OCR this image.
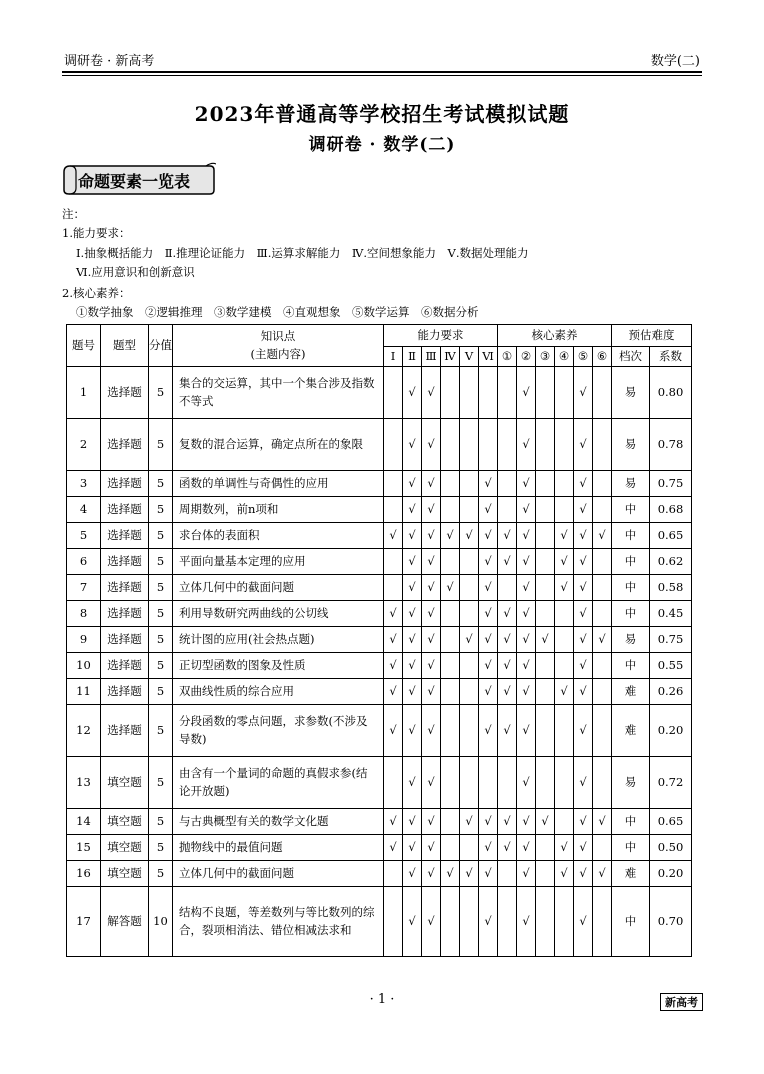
调研卷 · 新高考	数学(二)
2023年普通高等学校招生考试模拟试题
调研卷 · 数学(二)
命题要素一览表
注：
1.能力要求：
Ⅰ.抽象概括能力　Ⅱ.推理论证能力　Ⅲ.运算求解能力　Ⅳ.空间想象能力　Ⅴ.数据处理能力
Ⅵ.应用意识和创新意识
2.核心素养：
①数学抽象　②逻辑推理　③数学建模　④直观想象　⑤数学运算　⑥数据分析
题号	题型	分值	知识点
(主题内容)	能力要求						核心素养						预估难度	
				Ⅰ	Ⅱ	Ⅲ	Ⅳ	Ⅴ	Ⅵ	①	②	③	④	⑤	⑥	档次	系数
1	选择题	5	集合的交运算，其中一个集合涉及指数不等式		√	√					√			√		易	0.80
2	选择题	5	复数的混合运算，确定点所在的象限		√	√					√			√		易	0.78
3	选择题	5	函数的单调性与奇偶性的应用		√	√			√		√			√		易	0.75
4	选择题	5	周期数列，前n项和		√	√			√		√			√		中	0.68
5	选择题	5	求台体的表面积	√	√	√	√	√	√	√	√		√	√	√	中	0.65
6	选择题	5	平面向量基本定理的应用		√	√			√	√	√		√	√		中	0.62
7	选择题	5	立体几何中的截面问题		√	√	√		√		√		√	√		中	0.58
8	选择题	5	利用导数研究两曲线的公切线	√	√	√			√	√	√			√		中	0.45
9	选择题	5	统计图的应用(社会热点题)	√	√	√		√	√	√	√	√		√	√	易	0.75
10	选择题	5	正切型函数的图象及性质	√	√	√			√	√	√			√		中	0.55
11	选择题	5	双曲线性质的综合应用	√	√	√			√	√	√		√	√		难	0.26
12	选择题	5	分段函数的零点问题，求参数(不涉及导数)	√	√	√			√	√	√			√		难	0.20
13	填空题	5	由含有一个量词的命题的真假求参(结论开放题)		√	√					√			√		易	0.72
14	填空题	5	与古典概型有关的数学文化题	√	√	√		√	√	√	√	√		√	√	中	0.65
15	填空题	5	抛物线中的最值问题	√	√	√			√	√	√		√	√		中	0.50
16	填空题	5	立体几何中的截面问题		√	√	√	√	√		√		√	√	√	难	0.20
17	解答题	10	结构不良题，等差数列与等比数列的综合，裂项相消法、错位相减法求和		√	√			√		√			√		中	0.70
· 1 ·	新高考
